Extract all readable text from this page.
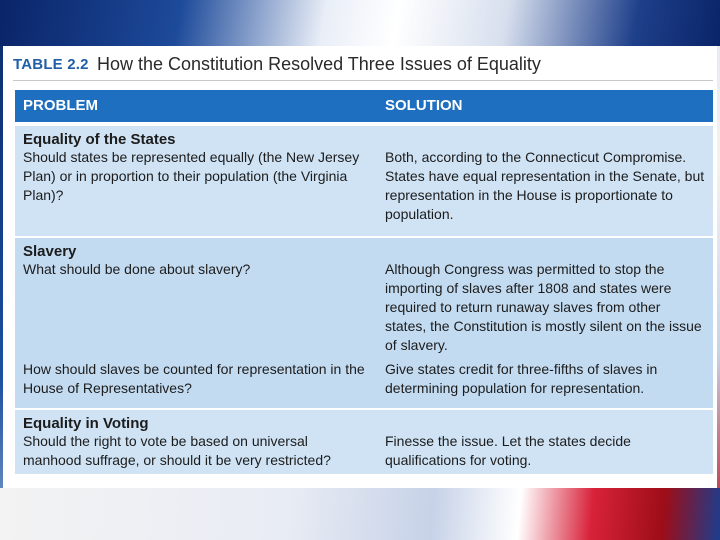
TABLE 2.2 How the Constitution Resolved Three Issues of Equality
PROBLEM	SOLUTION
Equality of the States
Should states be represented equally (the New Jersey Plan) or in proportion to their population (the Virginia Plan)?
Both, according to the Connecticut Compromise. States have equal representation in the Senate, but representation in the House is proportionate to population.
Slavery
What should be done about slavery?	Although Congress was permitted to stop the importing of slaves after 1808 and states were required to return runaway slaves from other states, the Constitution is mostly silent on the issue of slavery.
How should slaves be counted for representation in the House of Representatives?
Give states credit for three-fifths of slaves in determining population for representation.
Equality in Voting
Should the right to vote be based on universal manhood suffrage, or should it be very restricted?
Finesse the issue. Let the states decide qualifications for voting.
